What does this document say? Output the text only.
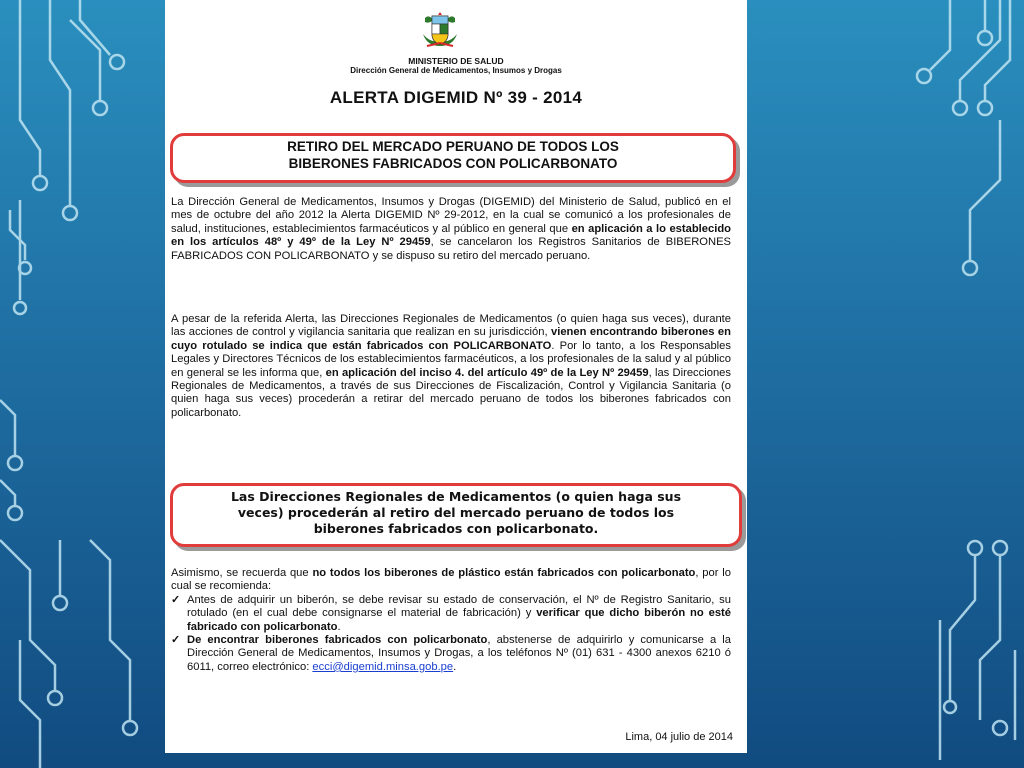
MINISTERIO DE SALUD
Dirección General de Medicamentos, Insumos y Drogas
ALERTA DIGEMID Nº 39 - 2014
RETIRO DEL MERCADO PERUANO DE TODOS LOS
BIBERONES FABRICADOS CON POLICARBONATO
La Dirección General de Medicamentos, Insumos y Drogas (DIGEMID) del Ministerio de Salud, publicó en el mes de octubre del año 2012 la Alerta DIGEMID Nº 29-2012, en la cual se comunicó a los profesionales de salud, instituciones, establecimientos farmacéuticos y al público en general que en aplicación a lo establecido en los artículos 48º y 49º de la Ley Nº 29459, se cancelaron los Registros Sanitarios de BIBERONES FABRICADOS CON POLICARBONATO y se dispuso su retiro del mercado peruano.
A pesar de la referida Alerta, las Direcciones Regionales de Medicamentos (o quien haga sus veces), durante las acciones de control y vigilancia sanitaria que realizan en su jurisdicción, vienen encontrando biberones en cuyo rotulado se indica que están fabricados con POLICARBONATO. Por lo tanto, a los Responsables Legales y Directores Técnicos de los establecimientos farmacéuticos, a los profesionales de la salud y al público en general se les informa que, en aplicación del inciso 4. del artículo 49º de la Ley Nº 29459, las Direcciones Regionales de Medicamentos, a través de sus Direcciones de Fiscalización, Control y Vigilancia Sanitaria (o quien haga sus veces) procederán a retirar del mercado peruano de todos los biberones fabricados con policarbonato.
Las Direcciones Regionales de Medicamentos (o quien haga sus
veces) procederán al retiro del mercado peruano de todos los
biberones fabricados con policarbonato.
Asimismo, se recuerda que no todos los biberones de plástico están fabricados con policarbonato, por lo cual se recomienda:
✓ Antes de adquirir un biberón, se debe revisar su estado de conservación, el Nº de Registro Sanitario, su rotulado (en el cual debe consignarse el material de fabricación) y verificar que dicho biberón no esté fabricado con policarbonato.
✓ De encontrar biberones fabricados con policarbonato, abstenerse de adquirirlo y comunicarse a la Dirección General de Medicamentos, Insumos y Drogas, a los teléfonos Nº (01) 631 - 4300 anexos 6210 ó 6011, correo electrónico: ecci@digemid.minsa.gob.pe.
Lima, 04 julio de 2014
